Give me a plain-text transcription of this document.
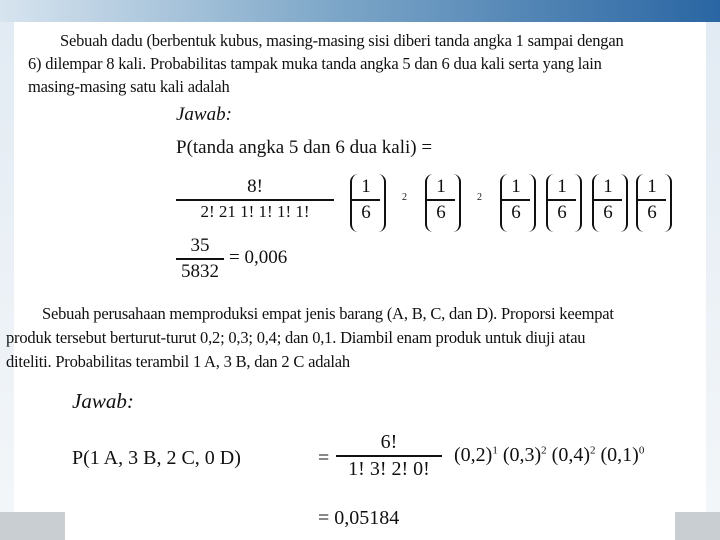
Sebuah dadu (berbentuk kubus, masing-masing sisi diberi tanda angka 1 sampai dengan
6) dilempar 8 kali. Probabilitas tampak muka tanda angka 5 dan 6 dua kali serta yang lain
masing-masing satu kali adalah
Jawab:
P(tanda angka 5 dan 6 dua kali) =
8!
2! 21 1! 1! 1! 1!
1
6
2
1
6
2
1
6
1
6
1
6
1
6
35
5832
= 0,006
Sebuah perusahaan memproduksi empat jenis barang (A, B, C, dan D). Proporsi keempat
produk tersebut berturut-turut 0,2; 0,3; 0,4; dan 0,1. Diambil enam produk untuk diuji atau
diteliti. Probabilitas terambil 1 A, 3 B, dan 2 C adalah
Jawab:
P(1 A, 3 B, 2 C, 0 D)	=
6!
1! 3! 2! 0!
$(0,2)^1$ $(0,3)^2$ $(0,4)^2$ $(0,1)^0$
= 0,05184
